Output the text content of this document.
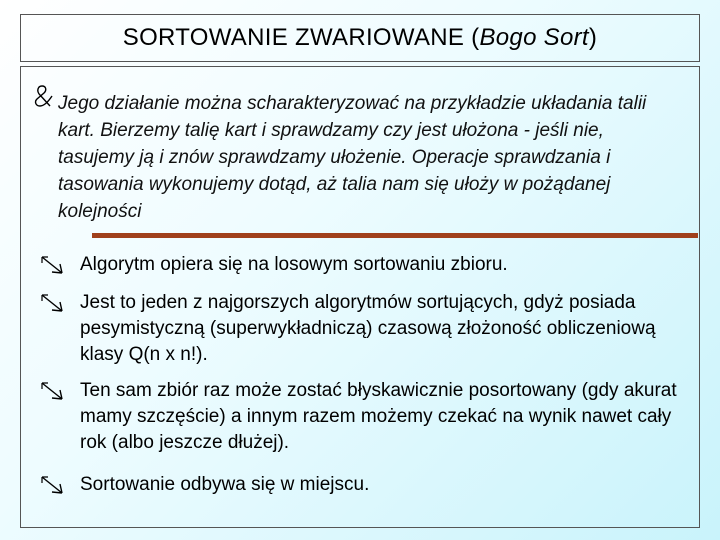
SORTOWANIE ZWARIOWANE ( Bogo Sort )
Jego działanie można scharakteryzować na przykładzie układania talii kart. Bierzemy talię kart i sprawdzamy czy jest ułożona - jeśli nie, tasujemy ją i znów sprawdzamy ułożenie. Operacje sprawdzania i tasowania wykonujemy dotąd, aż talia nam się ułoży w pożądanej kolejności
Algorytm opiera się na losowym sortowaniu zbioru.
Jest to jeden z najgorszych algorytmów sortujących, gdyż posiada pesymistyczną (superwykładniczą) czasową złożoność obliczeniową klasy Q(n x n!).
Ten sam zbiór raz może zostać błyskawicznie posortowany (gdy akurat mamy szczęście) a innym razem możemy czekać na wynik nawet cały rok (albo jeszcze dłużej).
Sortowanie odbywa się w miejscu.
